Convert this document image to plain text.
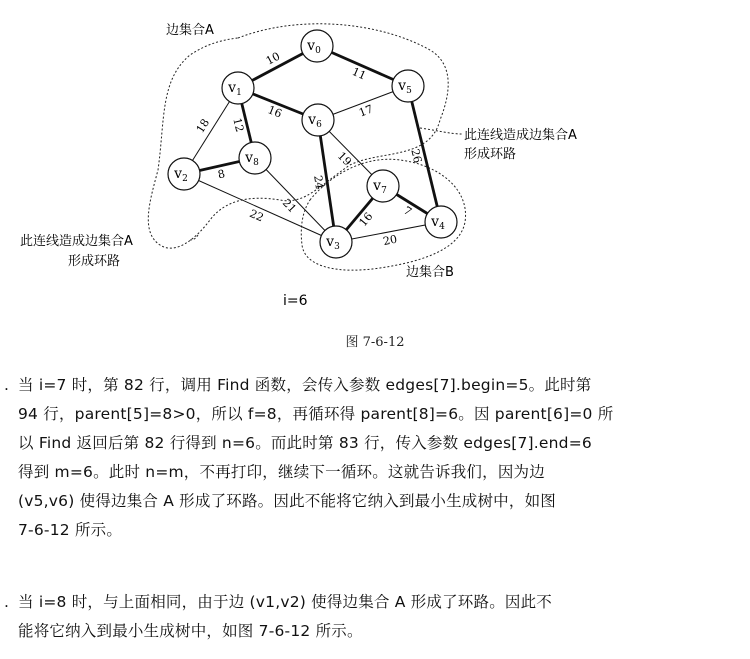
10
11
16	17
12
18
8
19	26
24
21
22	16 7
20
$v_0$
$v_1$
$v_2$
$v_3$
$v_4$
$v_5$
$v_6$
$v_7$
$v_8$
边集合A
边集合B
此连线造成边集合A
形成环路
此连线造成边集合A
形成环路
i=6
图 7-6-12
. 当 i=7 时，第 82 行，调用 Find 函数，会传入参数 edges[7].begin=5。此时第
94 行，parent[5]=8>0，所以 f=8，再循环得 parent[8]=6。因 parent[6]=0 所
以 Find 返回后第 82 行得到 n=6。而此时第 83 行，传入参数 edges[7].end=6
得到 m=6。此时 n=m，不再打印，继续下一循环。这就告诉我们，因为边
(v5,v6) 使得边集合 A 形成了环路。因此不能将它纳入到最小生成树中，如图
7-6-12 所示。
. 当 i=8 时，与上面相同，由于边 (v1,v2) 使得边集合 A 形成了环路。因此不
能将它纳入到最小生成树中，如图 7-6-12 所示。
